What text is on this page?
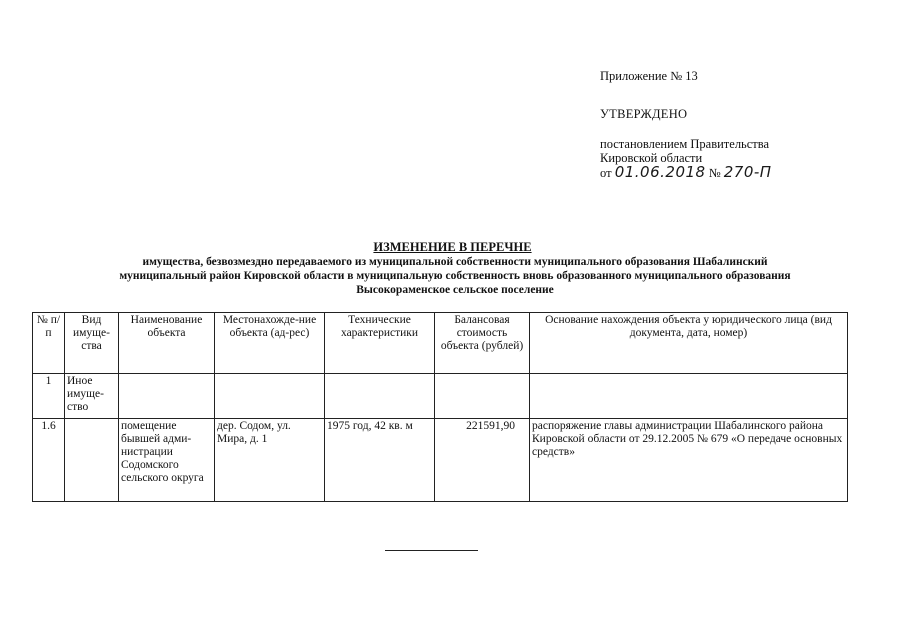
Приложение № 13
УТВЕРЖДЕНО
постановлением Правительства
Кировской области
от 01.06.2018 № 270-П
ИЗМЕНЕНИЕ В ПЕРЕЧНЕ
имущества, безвозмездно передаваемого из муниципальной собственности муниципального образования Шабалинский
муниципальный район Кировской области в муниципальную собственность вновь образованного муниципального образования
Высокораменское сельское поселение
№ п/п	Вид имуще-ства	Наименование объекта	Местонахожде-ние объекта (ад-рес)	Технические характеристики	Балансовая стоимость объекта (рублей)	Основание нахождения объекта у юридического лица (вид документа, дата, номер)
1	Иное имуще-ство					
1.6		помещение бывшей адми-нистрации Содомского сельского округа	дер. Содом, ул. Мира, д. 1	1975 год, 42 кв. м	221591,90	распоряжение главы администрации Шабалинского района Кировской области от 29.12.2005 № 679 «О передаче основных средств»
